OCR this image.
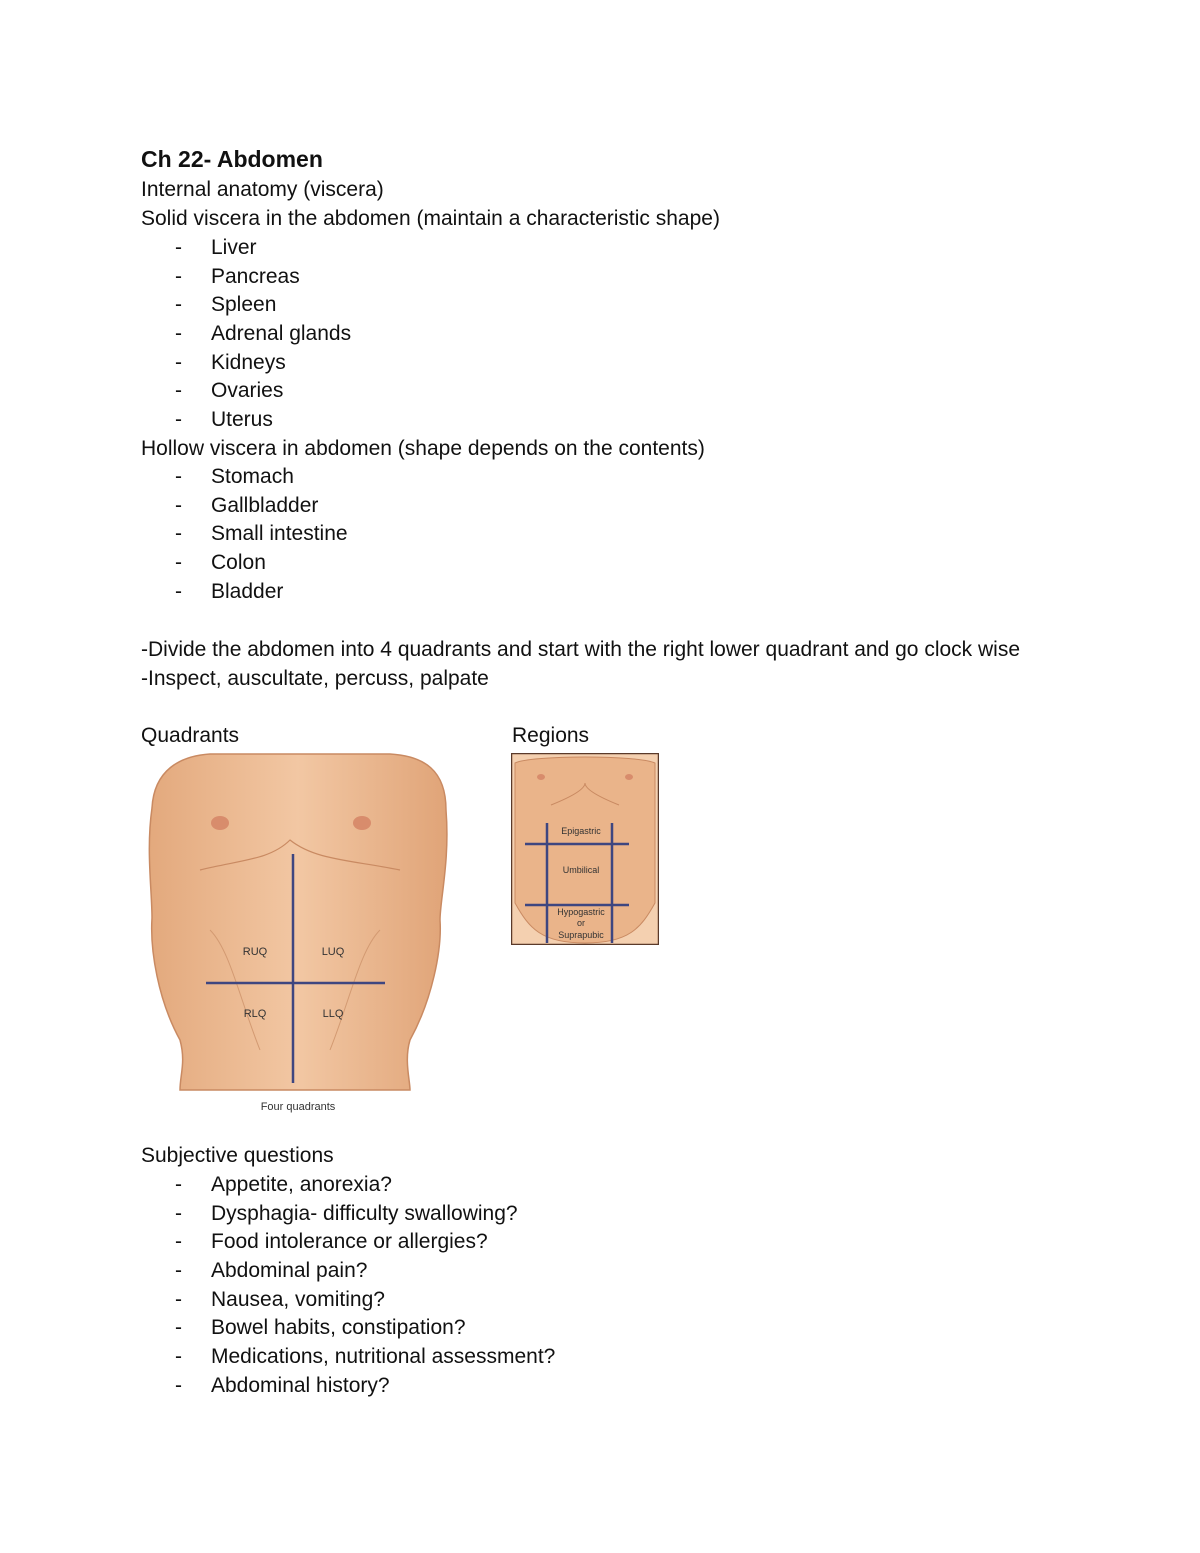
Ch 22- Abdomen
Internal anatomy (viscera)
Solid viscera in the abdomen (maintain a characteristic shape)
- Liver
- Pancreas
- Spleen
- Adrenal glands
- Kidneys
- Ovaries
- Uterus
Hollow viscera in abdomen (shape depends on the contents)
- Stomach
- Gallbladder
- Small intestine
- Colon
- Bladder
-Divide the abdomen into 4 quadrants and start with the right lower quadrant and go clock wise
-Inspect, auscultate, percuss, palpate
Quadrants	Regions
RUQ	LUQ
RLQ	LLQ
Four quadrants
Epigastric
Umbilical
Hypogastric
or
Suprapubic
Subjective questions
- Appetite, anorexia?
- Dysphagia- difficulty swallowing?
- Food intolerance or allergies?
- Abdominal pain?
- Nausea, vomiting?
- Bowel habits, constipation?
- Medications, nutritional assessment?
- Abdominal history?
